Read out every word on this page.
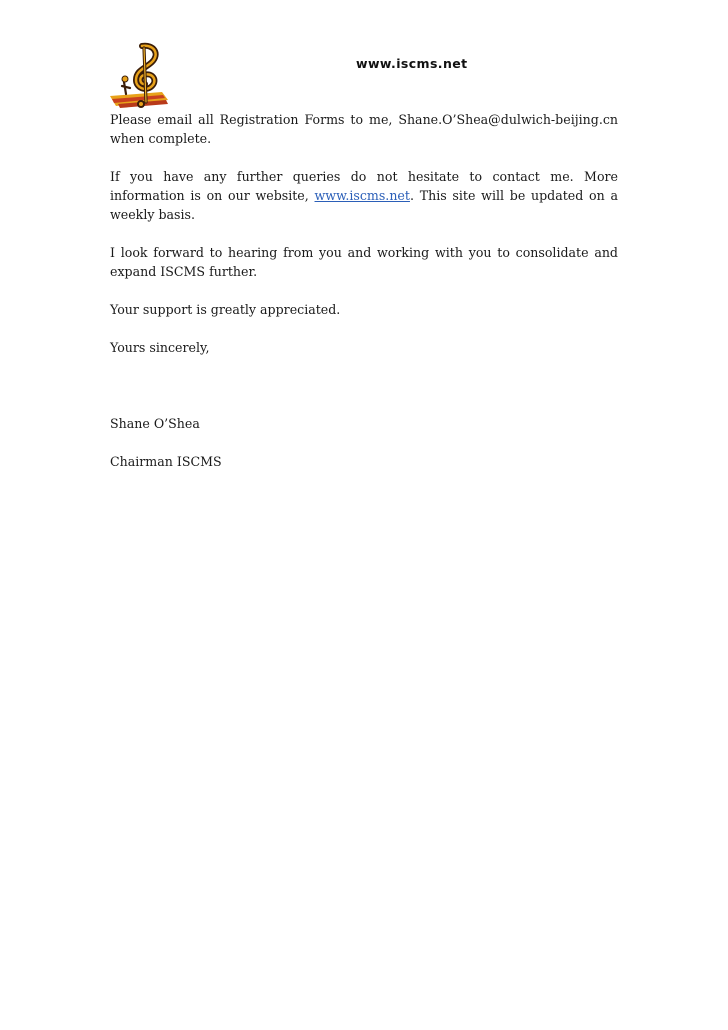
www.iscms.net

Please email all Registration Forms to me, Shane.O’Shea@dulwich-beijing.cn when complete.

If you have any further queries do not hesitate to contact me. More information is on our website, www.iscms.net. This site will be updated on a weekly basis.

I look forward to hearing from you and working with you to consolidate and expand ISCMS further.

Your support is greatly appreciated.

Yours sincerely,

Shane O’Shea

Chairman ISCMS
